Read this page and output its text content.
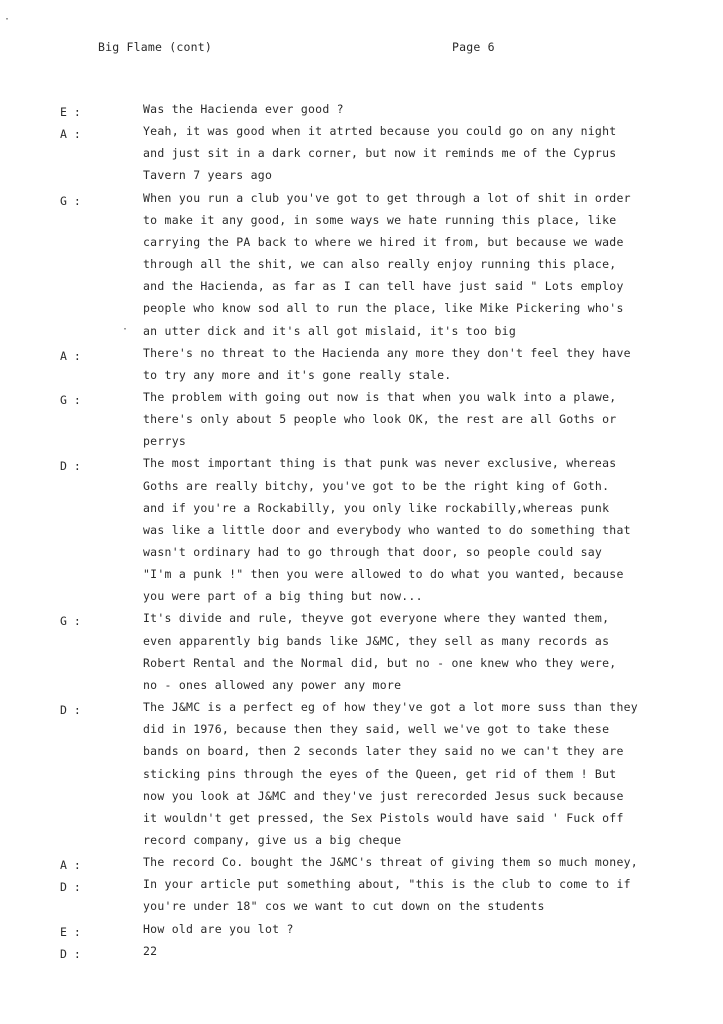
Big Flame (cont)	Page 6
·
·
E :	Was the Hacienda ever good ?
A :	Yeah, it was good when it atrted because you could go on any night
and just sit in a dark corner, but now it reminds me of the Cyprus
Tavern 7 years ago
G :	When you run a club you've got to get through a lot of shit in order
to make it any good, in some ways we hate running this place, like
carrying the PA back to where we hired it from, but because we wade
through all the shit, we can also really enjoy running this place,
and the Hacienda, as far as I can tell have just said " Lots employ
people who know sod all to run the place, like Mike Pickering who's
an utter dick and it's all got mislaid, it's too big
A :	There's no threat to the Hacienda any more they don't feel they have
to try any more and it's gone really stale.
G :	The problem with going out now is that when you walk into a plawe,
there's only about 5 people who look OK, the rest are all Goths or
perrys
D :	The most important thing is that punk was never exclusive, whereas
Goths are really bitchy, you've got to be the right king of Goth.
and if you're a Rockabilly, you only like rockabilly,whereas punk
was like a little door and everybody who wanted to do something that
wasn't ordinary had to go through that door, so people could say
"I'm a punk !" then you were allowed to do what you wanted, because
you were part of a big thing but now...
G :	It's divide and rule, theyve got everyone where they wanted them,
even apparently big bands like J&MC, they sell as many records as
Robert Rental and the Normal did, but no - one knew who they were,
no - ones allowed any power any more
D :	The J&MC is a perfect eg of how they've got a lot more suss than they
did in 1976, because then they said, well we've got to take these
bands on board, then 2 seconds later they said no we can't they are
sticking pins through the eyes of the Queen, get rid of them ! But
now you look at J&MC and they've just rerecorded Jesus suck because
it wouldn't get pressed, the Sex Pistols would have said ' Fuck off
record company, give us a big cheque
A :	The record Co. bought the J&MC's threat of giving them so much money,
D :	In your article put something about, "this is the club to come to if
you're under 18" cos we want to cut down on the students
E :	How old are you lot ?
D :	22
